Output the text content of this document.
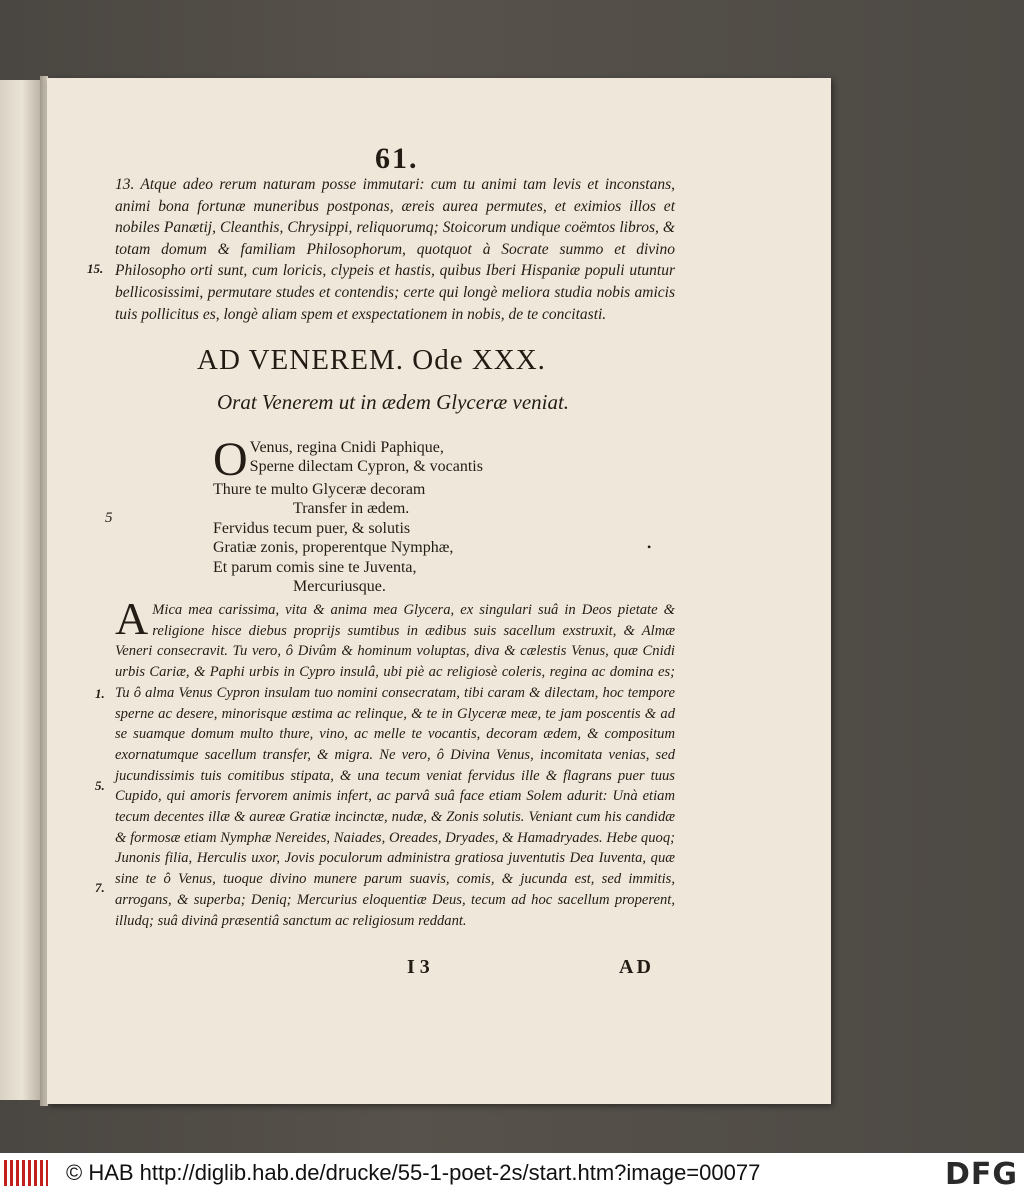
61.
13. Atque adeo rerum naturam posse immutari: cum tu animi tam levis et inconstans, animi bona fortunæ muneribus postponas, æreis aurea permutes, et eximios illos et nobiles Panætij, Cleanthis, Chrysippi, reliquorumq; Stoicorum undique coëmtos libros, & totam domum & familiam Philosophorum, quotquot à Socrate summo et divino Philosopho orti sunt, cum loricis, clypeis et hastis, quibus Iberi Hispaniæ populi utuntur bellicosissimi, permutare studes et contendis; certe qui longè meliora studia nobis amicis tuis pollicitus es, longè aliam spem et exspectationem in nobis, de te concitasti.
15.
AD VENEREM. Ode XXX.
Orat Venerem ut in ædem Glyceræ veniat.
O Venus, regina Cnidi Paphique,
Sperne dilectam Cypron, & vocantis
Thure te multo Glyceræ decoram
Transfer in ædem.
Fervidus tecum puer, & solutis
Gratiæ zonis, properentque Nymphæ,
Et parum comis sine te Juventa,
Mercuriusque.
5
•
A Mica mea carissima, vita & anima mea Glycera, ex singulari suâ in Deos pietate & religione hisce diebus proprijs sumtibus in ædibus suis sacellum exstruxit, & Almæ Veneri consecravit. Tu vero, ô Divûm & hominum voluptas, diva & cælestis Venus, quæ Cnidi urbis Cariæ, & Paphi urbis in Cypro insulâ, ubi piè ac religiosè coleris, regina ac domina es; Tu ô alma Venus Cypron insulam tuo nomini consecratam, tibi caram & dilectam, hoc tempore sperne ac desere, minorisque æstima ac relinque, & te in Glyceræ meæ, te jam poscentis & ad se suamque domum multo thure, vino, ac melle te vocantis, decoram ædem, & compositum exornatumque sacellum transfer, & migra. Ne vero, ô Divina Venus, incomitata venias, sed jucundissimis tuis comitibus stipata, & una tecum veniat fervidus ille & flagrans puer tuus Cupido, qui amoris fervorem animis infert, ac parvâ suâ face etiam Solem adurit: Unà etiam tecum decentes illæ & aureæ Gratiæ incinctæ, nudæ, & Zonis solutis. Veniant cum his candidæ & formosæ etiam Nymphæ Nereides, Naiades, Oreades, Dryades, & Hamadryades. Hebe quoq; Junonis filia, Herculis uxor, Jovis poculorum administra gratiosa juventutis Dea Iuventa, quæ sine te ô Venus, tuoque divino munere parum suavis, comis, & jucunda est, sed immitis, arrogans, & superba; Deniq; Mercurius eloquentiæ Deus, tecum ad hoc sacellum properent, illudq; suâ divinâ præsentiâ sanctum ac religiosum reddant.
1.
5.
7.
I 3	AD
© HAB http://diglib.hab.de/drucke/55-1-poet-2s/start.htm?image=00077	DFG
